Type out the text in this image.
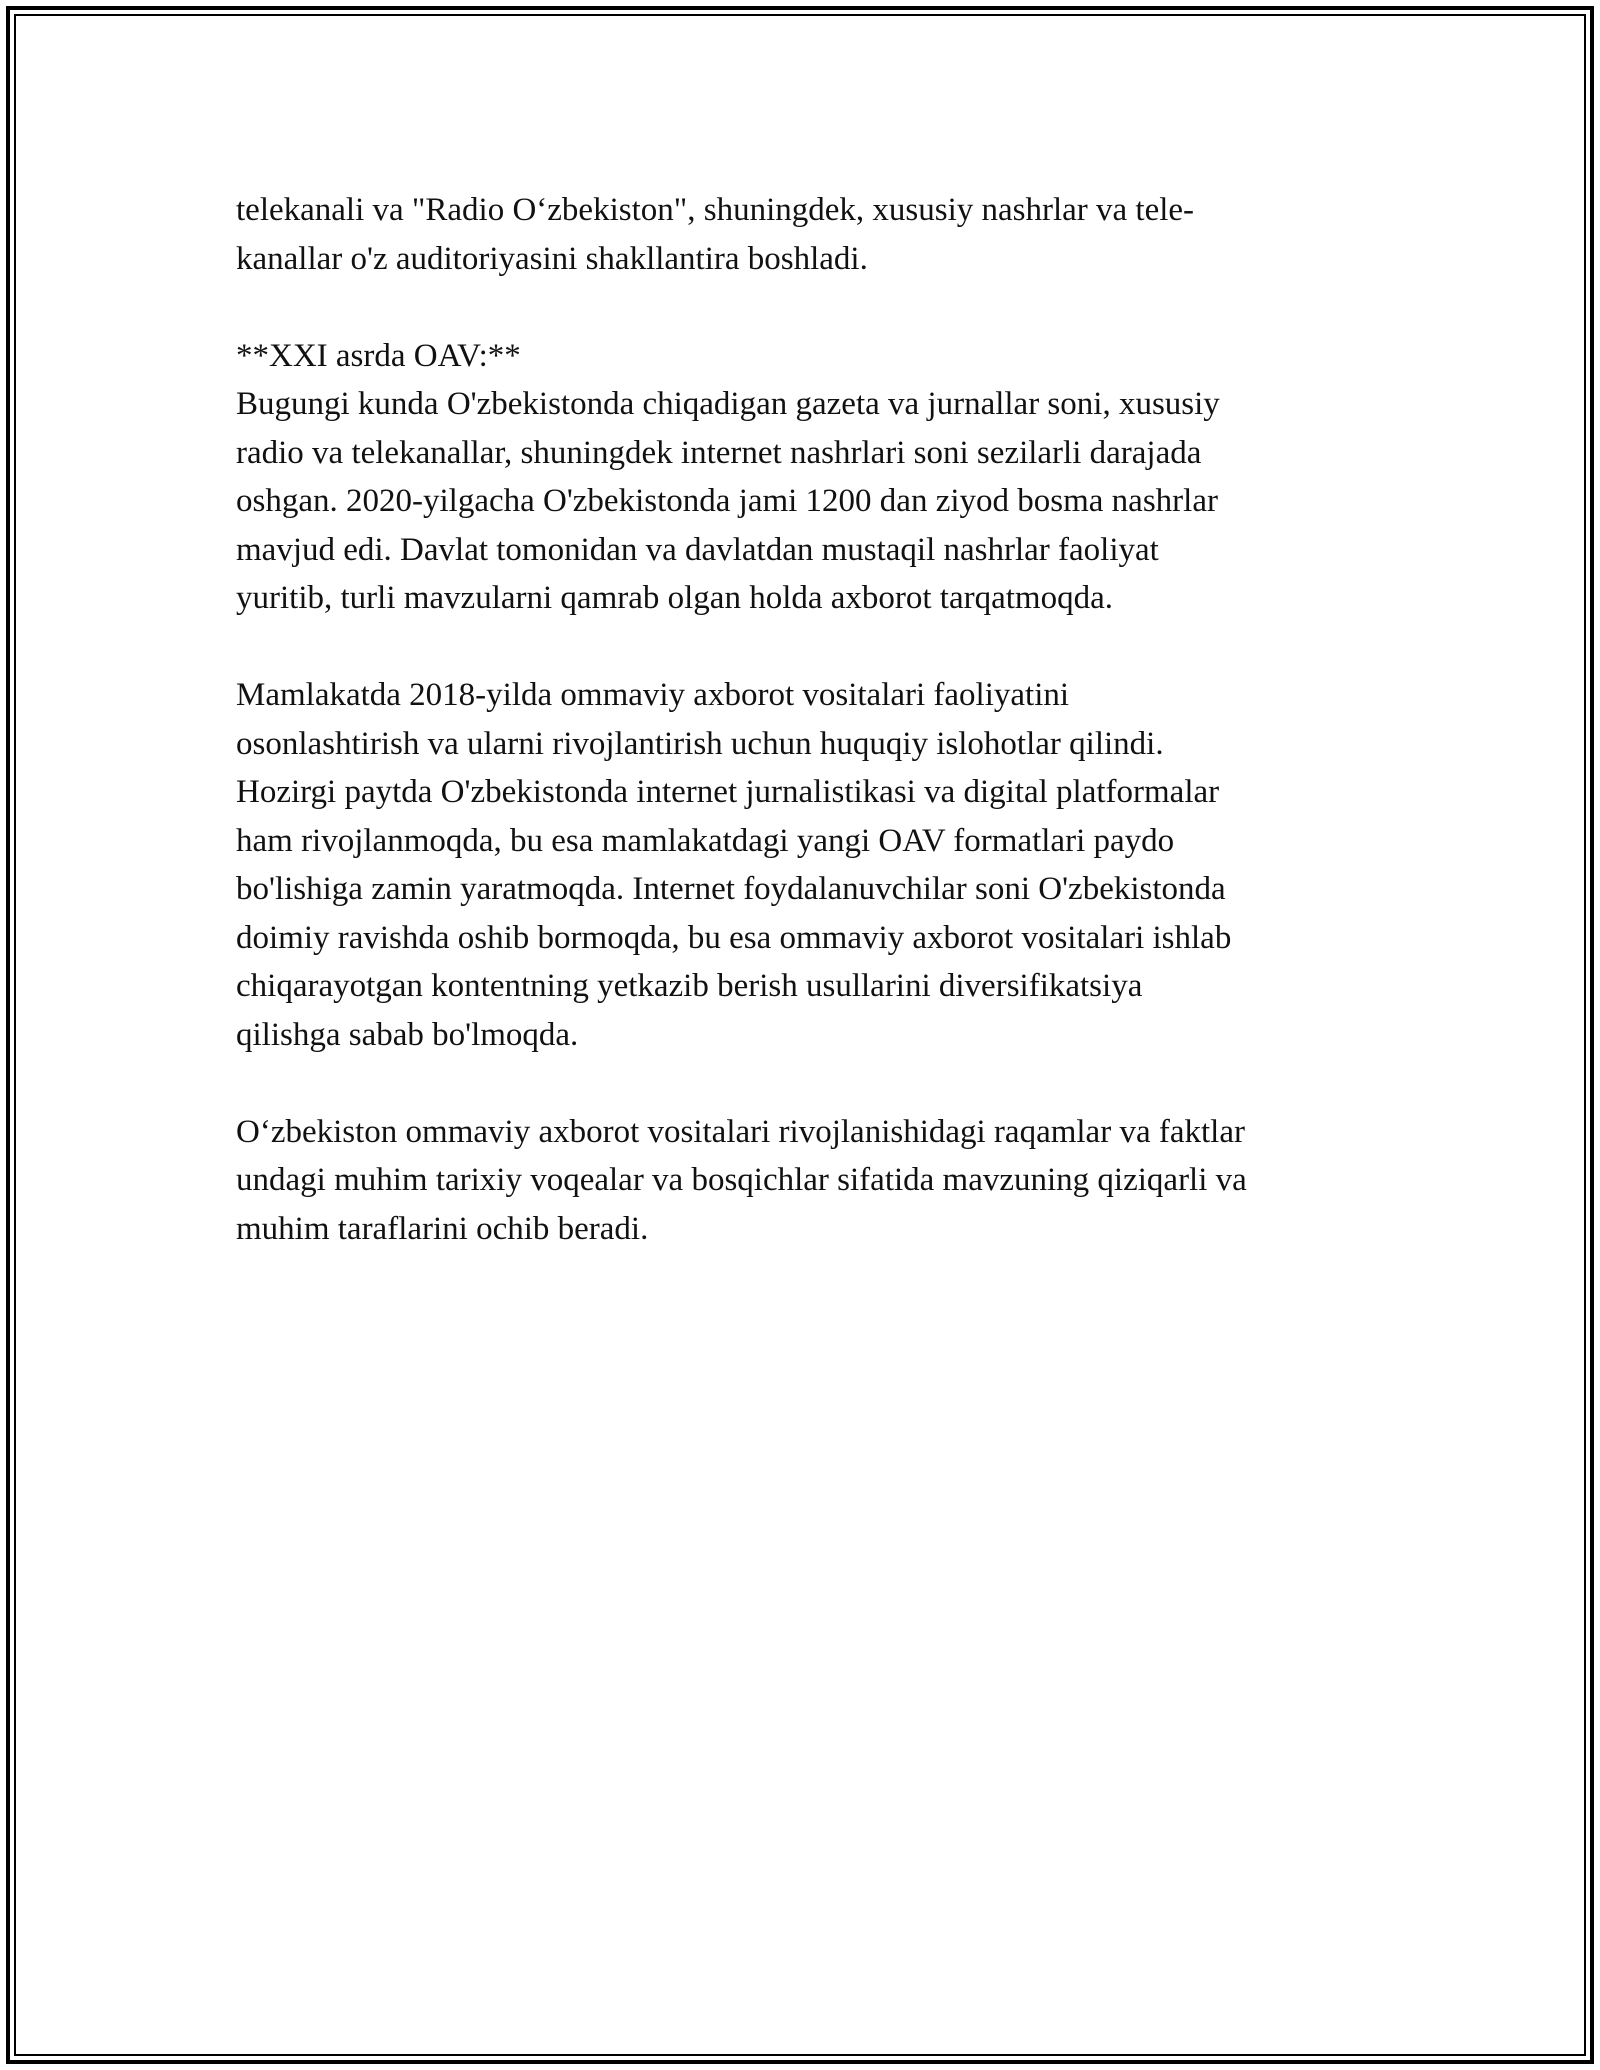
telekanali va "Radio O‘zbekiston", shuningdek, xususiy nashrlar va tele-
kanallar o'z auditoriyasini shakllantira boshladi.

**XXI asrda OAV:**
Bugungi kunda O'zbekistonda chiqadigan gazeta va jurnallar soni, xususiy
radio va telekanallar, shuningdek internet nashrlari soni sezilarli darajada
oshgan. 2020-yilgacha O'zbekistonda jami 1200 dan ziyod bosma nashrlar
mavjud edi. Davlat tomonidan va davlatdan mustaqil nashrlar faoliyat
yuritib, turli mavzularni qamrab olgan holda axborot tarqatmoqda.

Mamlakatda 2018-yilda ommaviy axborot vositalari faoliyatini
osonlashtirish va ularni rivojlantirish uchun huquqiy islohotlar qilindi.
Hozirgi paytda O'zbekistonda internet jurnalistikasi va digital platformalar
ham rivojlanmoqda, bu esa mamlakatdagi yangi OAV formatlari paydo
bo'lishiga zamin yaratmoqda. Internet foydalanuvchilar soni O'zbekistonda
doimiy ravishda oshib bormoqda, bu esa ommaviy axborot vositalari ishlab
chiqarayotgan kontentning yetkazib berish usullarini diversifikatsiya
qilishga sabab bo'lmoqda.

O‘zbekiston ommaviy axborot vositalari rivojlanishidagi raqamlar va faktlar
undagi muhim tarixiy voqealar va bosqichlar sifatida mavzuning qiziqarli va
muhim taraflarini ochib beradi.
